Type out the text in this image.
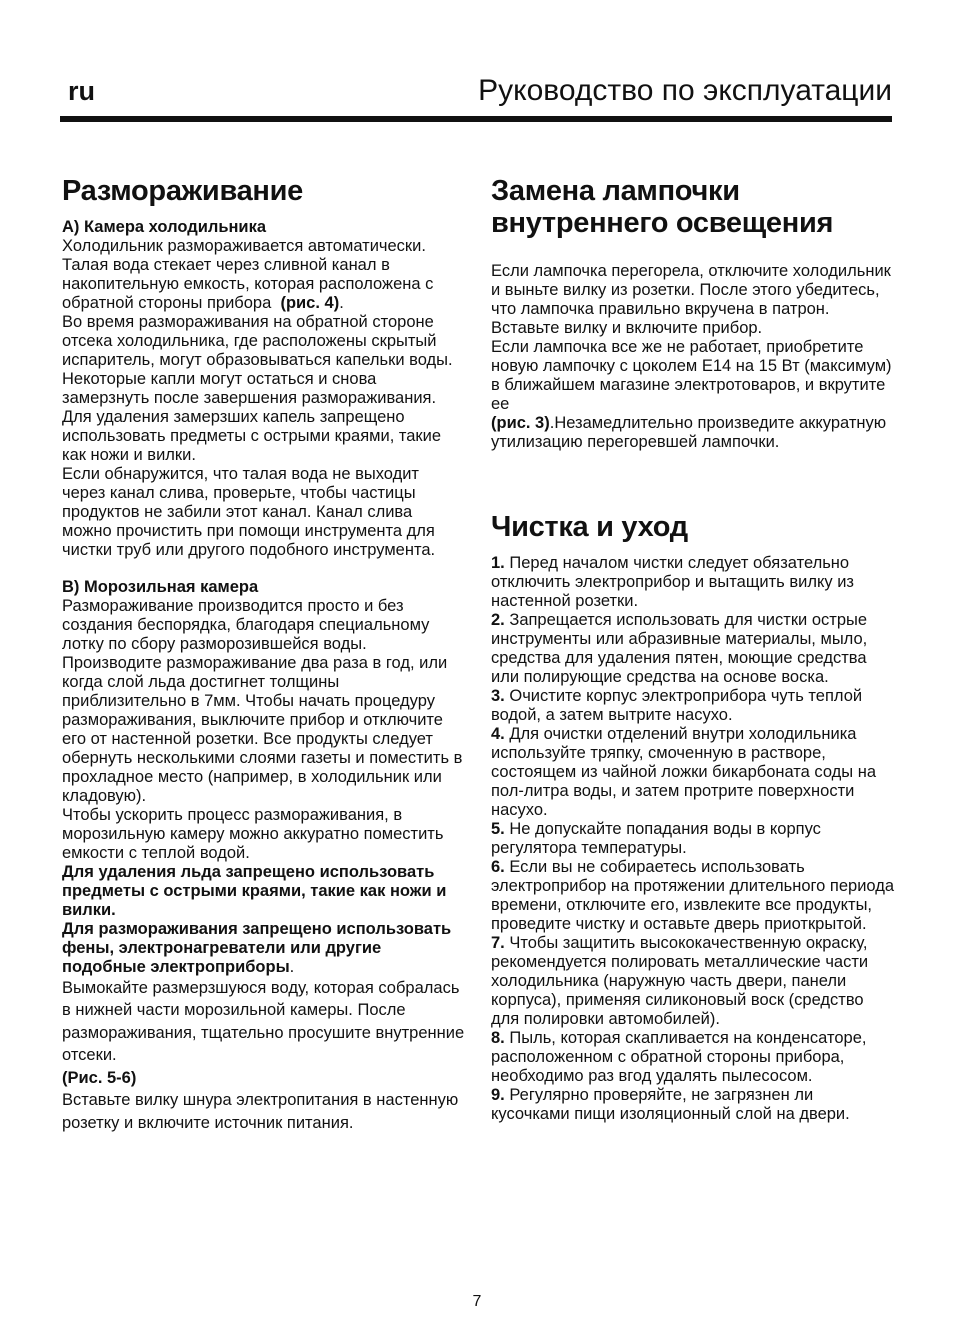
ru	Руководство по эксплуатации
Размораживание
А) Камера холодильника

Холодильник размораживается автоматически. Талая вода стекает через сливной канал в накопительную емкость, которая расположена с обратной стороны прибора (рис. 4).

Во время размораживания на обратной стороне отсека холодильника, где расположены скрытый испаритель, могут образовываться капельки воды. Некоторые капли могут остаться и снова замерзнуть после завершения размораживания. Для удаления замерзших капель запрещено использовать предметы с острыми краями, такие как ножи и вилки.

Если обнаружится, что талая вода не выходит через канал слива, проверьте, чтобы частицы продуктов не забили этот канал. Канал слива можно прочистить при помощи инструмента для чистки труб или другого подобного инструмента.

В) Морозильная камера

Размораживание производится просто и без создания беспорядка, благодаря специальному лотку по сбору разморозившейся воды.

Производите размораживание два раза в год, или когда слой льда достигнет толщины приблизительно в 7мм. Чтобы начать процедуру размораживания, выключите прибор и отключите его от настенной розетки. Все продукты следует обернуть несколькими слоями газеты и поместить в прохладное место (например, в холодильник или кладовую).

Чтобы ускорить процесс размораживания, в морозильную камеру можно аккуратно поместить емкости с теплой водой.

Для удаления льда запрещено использовать предметы с острыми краями, такие как ножи и вилки.

Для размораживания запрещено использовать фены, электронагреватели или другие подобные электроприборы.

Вымокайте размерзшуюся воду, которая собралась в нижней части морозильной камеры. После размораживания, тщательно просушите внутренние отсеки.

(Рис. 5-6)

Вставьте вилку шнура электропитания в настенную розетку и включите источник питания.

Замена лампочки внутреннего освещения

Если лампочка перегорела, отключите холодильник и выньте вилку из розетки. После этого убедитесь, что лампочка правильно вкручена в патрон. Вставьте вилку и включите прибор.

Если лампочка все же не работает, приобретите новую лампочку с цоколем Е14 на 15 Вт (максимум) в ближайшем магазине электротоваров, и вкрутите ее

(рис. 3).Незамедлительно произведите аккуратную утилизацию перегоревшей лампочки.

Чистка и уход

1. Перед началом чистки следует обязательно отключить электроприбор и вытащить вилку из настенной розетки.

2. Запрещается использовать для чистки острые инструменты или абразивные материалы, мыло, средства для удаления пятен, моющие средства или полирующие средства на основе воска.

3. Очистите корпус электроприбора чуть теплой водой, а затем вытрите насухо.

4. Для очистки отделений внутри холодильника используйте тряпку, смоченную в растворе, состоящем из чайной ложки бикарбоната соды на пол-литра воды, и затем протрите поверхности насухо.

5. Не допускайте попадания воды в корпус регулятора температуры.

6. Если вы не собираетесь использовать электроприбор на протяжении длительного периода времени, отключите его, извлеките все продукты, проведите чистку и оставьте дверь приоткрытой.

7. Чтобы защитить высококачественную окраску, рекомендуется полировать металлические части холодильника (наружную часть двери, панели корпуса), применяя силиконовый воск (средство для полировки автомобилей).

8. Пыль, которая скапливается на конденсаторе, расположенном с обратной стороны прибора, необходимо раз вгод удалять пылесосом.

9. Регулярно проверяйте, не загрязнен ли кусочками пищи изоляционный слой на двери.

7
